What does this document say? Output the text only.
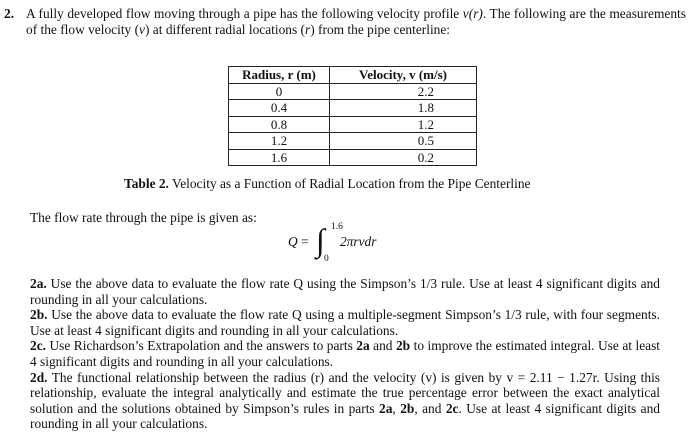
2. A fully developed flow moving through a pipe has the following velocity profile v(r). The following are the measurements of the flow velocity (v) at different radial locations (r) from the pipe centerline:
Radius, r (m)	Velocity, v (m/s)
0	2.2
0.4	1.8
0.8	1.2
1.2	0.5
1.6	0.2
Table 2. Velocity as a Function of Radial Location from the Pipe Centerline
The flow rate through the pipe is given as:
Q = ∫ 1.6
0
2πrvdr

2a. Use the above data to evaluate the flow rate Q using the Simpson’s 1/3 rule. Use at least 4 significant digits and rounding in all your calculations.

2b. Use the above data to evaluate the flow rate Q using a multiple-segment Simpson’s 1/3 rule, with four segments. Use at least 4 significant digits and rounding in all your calculations.

2c. Use Richardson’s Extrapolation and the answers to parts 2a and 2b to improve the estimated integral. Use at least 4 significant digits and rounding in all your calculations.

2d. The functional relationship between the radius (r) and the velocity (v) is given by v = 2.11 − 1.27r. Using this relationship, evaluate the integral analytically and estimate the true percentage error between the exact analytical solution and the solutions obtained by Simpson’s rules in parts 2a, 2b, and 2c. Use at least 4 significant digits and rounding in all your calculations.
